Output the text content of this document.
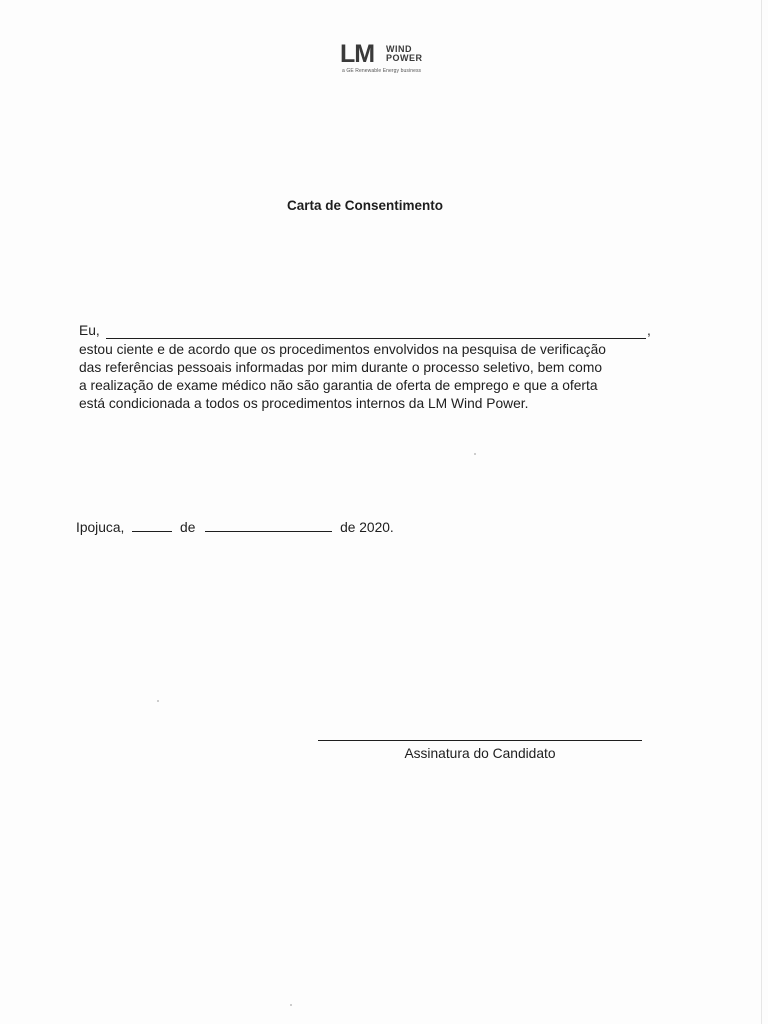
LM WIND
POWER
a GE Renewable Energy business
Carta de Consentimento
Eu,	,
estou ciente e de acordo que os procedimentos envolvidos na pesquisa de verificação
das referências pessoais informadas por mim durante o processo seletivo, bem como
a realização de exame médico não são garantia de oferta de emprego e que a oferta
está condicionada a todos os procedimentos internos da LM Wind Power.
Ipojuca,	de	de 2020.
Assinatura do Candidato
